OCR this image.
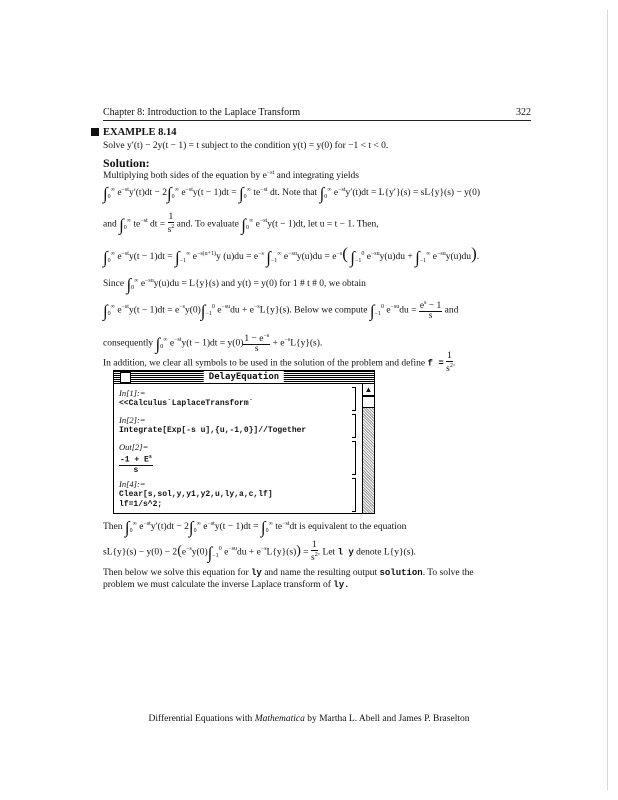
Chapter 8: Introduction to the Laplace Transform	322
EXAMPLE 8.14
Solve y′(t) − 2y(t − 1) = t subject to the condition y(t) = y(0) for −1 < t < 0.
Solution:
Multiplying both sides of the equation by $e^{-st}$ and integrating yields
$\int_0^\infty$ $e^{-st}y'(t)dt - 2\int_0^\infty$ $e^{-st}y(t - 1)dt = \int_0^\infty$ $te^{-st}$ dt. Note that $\int_0^\infty$ $e^{-st}y'(t)dt = L\{y'\}(s) = sL\{y\}(s) - y(0)$
and $\int_0^\infty$ $te^{-st}$ dt = $\frac{1}{s^2}$ and. To evaluate $\int_0^\infty$ $e^{-st}y(t - 1)dt$, let u = t − 1. Then,
$\int_0^\infty$ $e^{-st}y(t - 1)dt = \int_{-1}^\infty$ $e^{-s(u+1)}y$ $(u)du = e^{-s}$ $\int_{-1}^\infty$ $e^{-su}y(u)du = e^{-s}$( $\int_{-1}^0$ $e^{-su}y(u)du + \int_{-1}^\infty$ $e^{-su}y(u)du$).
Since $\int_0^\infty$ $e^{-su}y(u)du = L\{y\}(s)$ and y(t) = y(0) for 1 # t # 0, we obtain
$\int_0^\infty$ $e^{-st}y(t - 1)dt = e^{-s}y(0)\int_{-1}^0$ $e^{-su}du + e^{-s}L\{y\}(s)$. Below we compute $\int_{-1}^0$ $e^{-su}du = \frac{e^s - 1}{s}$ and
consequently $\int_0^\infty$ $e^{-st}y(t - 1)dt = y(0) \frac{1 - e^{-s}}{s} + e^{-s}L\{y\}(s)$.
In addition, we clear all symbols to be used in the solution of the problem and define $f = \frac{1}{s^2}$ .
DelayEquation
▲
In[1]:=
<<Calculus`LaplaceTransform`
In[2]:=
Integrate[Exp[-s u],{u,-1,0}]//Together
Out[2]=
$\frac{-1 + E^s}{s}$
In[4]:=
Clear[s,sol,y,y1,y2,u,ly,a,c,lf]
lf=1/s^2;
Then $\int_0^\infty$ $e^{-st}y'(t)dt - 2\int_0^\infty$ $e^{-st}y(t - 1)dt = \int_0^\infty$ $te^{-st}dt$ is equivalent to the equation
$sL\{y\}(s) - y(0) - 2(e^{-s}y(0)\int_{-1}^0$ $e^{-su}du + e^{-s}L\{y\}(s)) = \frac{1}{s^2}$ . Let l y denote L{y}(s).
Then below we solve this equation for ly and name the resulting output solution. To solve the
problem we must calculate the inverse Laplace transform of ly.
Differential Equations with Mathematica by Martha L. Abell and James P. Braselton
